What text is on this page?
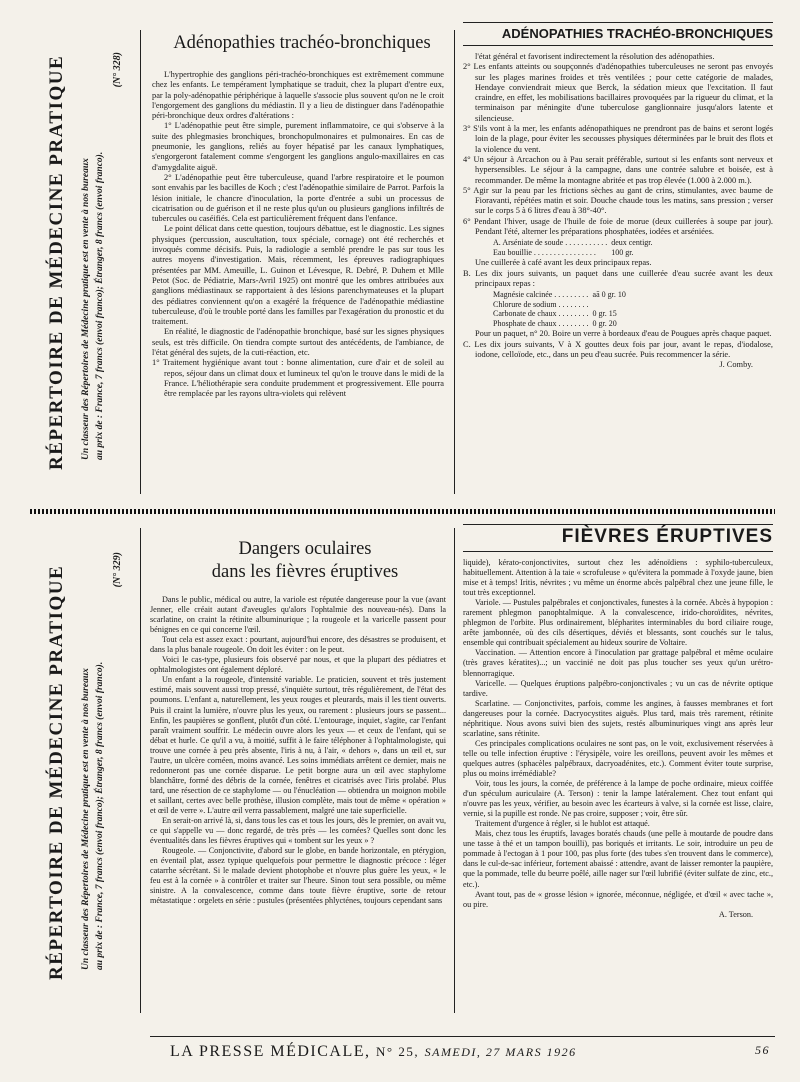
RÉPERTOIRE DE MÉDECINE PRATIQUE Un classeur des Répertoires de Médecine pratique est en vente à nos bureaux au prix de : France, 7 francs (envoi franco); Étranger, 8 francs (envoi franco).
(N° 328)
Adénopathies trachéo-bronchiques	ADÉNOPATHIES TRACHÉO-BRONCHIQUES

L'hypertrophie des ganglions péri-trachéo-bronchiques est extrêmement commune chez les enfants. Le tempérament lymphatique se traduit, chez la plupart d'entre eux, par la poly-adénopathie périphérique à laquelle s'associe plus souvent qu'on ne le croit l'engorgement des ganglions du médiastin. Il y a lieu de distinguer dans l'adénopathie péri-bronchique deux ordres d'altérations :

1° L'adénopathie peut être simple, purement inflammatoire, ce qui s'observe à la suite des phlegmasies bronchiques, bronchopulmonaires et pulmonaires. En cas de pneumonie, les ganglions, reliés au foyer hépatisé par les canaux lymphatiques, s'engorgeront fatalement comme s'engorgent les ganglions angulo-maxillaires en cas d'amygdalite aiguë.

2° L'adénopathie peut être tuberculeuse, quand l'arbre respiratoire et le poumon sont envahis par les bacilles de Koch ; c'est l'adénopathie similaire de Parrot. Parfois la lésion initiale, le chancre d'inoculation, la porte d'entrée a subi un processus de cicatrisation ou de guérison et il ne reste plus qu'un ou plusieurs ganglions infiltrés de tubercules ou caséifiés. Cela est particulièrement fréquent dans l'enfance.

Le point délicat dans cette question, toujours débattue, est le diagnostic. Les signes physiques (percussion, auscultation, toux spéciale, cornage) ont été recherchés et invoqués comme décisifs. Puis, la radiologie a semblé prendre le pas sur tous les autres moyens d'investigation. Mais, récemment, les épreuves radiographiques présentées par MM. Ameuille, L. Guinon et Lévesque, R. Debré, P. Duhem et Mlle Petot (Soc. de Pédiatrie, Mars-Avril 1925) ont montré que les ombres attribuées aux ganglions médiastinaux se rapportaient à des lésions parenchymateuses et la plupart des pédiatres conviennent qu'on a exagéré la fréquence de l'adénopathie médiastine tuberculeuse, d'où le trouble porté dans les familles par l'exagération du pronostic et du traitement.

En réalité, le diagnostic de l'adénopathie bronchique, basé sur les signes physiques seuls, est très difficile. On tiendra compte surtout des antécédents, de l'ambiance, de l'état général des sujets, de la cuti-réaction, etc.

1° Traitement hygiénique avant tout : bonne alimentation, cure d'air et de soleil au repos, séjour dans un climat doux et lumineux tel qu'on le trouve dans le midi de la France. L'héliothérapie sera conduite prudemment et progressivement. Elle pourra être remplacée par les rayons ultra-violets qui relèvent

l'état général et favorisent indirectement la résolution des adénopathies.

2° Les enfants atteints ou soupçonnés d'adénopathies tuberculeuses ne seront pas envoyés sur les plages marines froides et très ventilées ; pour cette catégorie de malades, Hendaye conviendrait mieux que Berck, la sédation mieux que l'excitation. Il faut craindre, en effet, les mobilisations bacillaires provoquées par la rigueur du climat, et la terminaison par méningite d'une tuberculose ganglionnaire jusqu'alors latente et silencieuse.

3° S'ils vont à la mer, les enfants adénopathiques ne prendront pas de bains et seront logés loin de la plage, pour éviter les secousses physiques déterminées par le bruit des flots et la violence du vent.

4° Un séjour à Arcachon ou à Pau serait préférable, surtout si les enfants sont nerveux et hypersensibles. Le séjour à la campagne, dans une contrée salubre et boisée, est à recommander. De même la montagne abritée et pas trop élevée (1.000 à 2.000 m.).

5° Agir sur la peau par les frictions sèches au gant de crins, stimulantes, avec baume de Fioravanti, répétées matin et soir. Douche chaude tous les matins, sans pression ; verser sur le corps 5 à 6 litres d'eau à 38°-40°.

6° Pendant l'hiver, usage de l'huile de foie de morue (deux cuillerées à soupe par jour). Pendant l'été, alterner les préparations phosphatées, iodées et arséniées.

A. Arséniate de soude . . . . . . . . . . .	deux centigr.
Eau bouillie . . . . . . . . . . . . . . . .	100 gr.

Une cuillerée à café avant les deux principaux repas.

B. Les dix jours suivants, un paquet dans une cuillerée d'eau sucrée avant les deux principaux repas :

Magnésie calcinée . . . . . . . . .	aā 0 gr. 10
Chlorure de sodium . . . . . . . .	
Carbonate de chaux . . . . . . . .	0 gr. 15
Phosphate de chaux . . . . . . . .	0 gr. 20

Pour un paquet, n° 20. Boire un verre à bordeaux d'eau de Pougues après chaque paquet.

C. Les dix jours suivants, V à X gouttes deux fois par jour, avant le repas, d'iodalose, iodone, celloïode, etc., dans un peu d'eau sucrée. Puis recommencer la série.

J. Comby.

RÉPERTOIRE DE MÉDECINE PRATIQUE Un classeur des Répertoires de Médecine pratique est en vente à nos bureaux au prix de : France, 7 francs (envoi franco); Étranger, 8 francs (envoi franco).
(N° 329)
Dangers oculaires
dans les fièvres éruptives
FIÈVRES ÉRUPTIVES

Dans le public, médical ou autre, la variole est réputée dangereuse pour la vue (avant Jenner, elle créait autant d'aveugles qu'alors l'ophtalmie des nouveau-nés). Dans la scarlatine, on craint la rétinite albuminurique ; la rougeole et la varicelle passent pour bénignes en ce qui concerne l'œil.

Tout cela est assez exact : pourtant, aujourd'hui encore, des désastres se produisent, et dans la plus banale rougeole. On doit les éviter : on le peut.

Voici le cas-type, plusieurs fois observé par nous, et que la plupart des pédiatres et ophtalmologistes ont également déploré.

Un enfant a la rougeole, d'intensité variable. Le praticien, souvent et très justement estimé, mais souvent aussi trop pressé, s'inquiète surtout, très régulièrement, de l'état des poumons. L'enfant a, naturellement, les yeux rouges et pleurards, mais il les tient ouverts. Puis il craint la lumière, n'ouvre plus les yeux, ou rarement : plusieurs jours se passent... Enfin, les paupières se gonflent, plutôt d'un côté. L'entourage, inquiet, s'agite, car l'enfant paraît vraiment souffrir. Le médecin ouvre alors les yeux — et ceux de l'enfant, qui se débat et hurle. Ce qu'il a vu, à moitié, suffit à le faire téléphoner à l'ophtalmologiste, qui trouve une cornée à peu près absente, l'iris à nu, à l'air, « dehors », dans un œil et, sur l'autre, un ulcère cornéen, moins avancé. Les soins immédiats arrêtent ce dernier, mais ne redonneront pas une cornée disparue. Le petit borgne aura un œil avec staphylome blanchâtre, formé des débris de la cornée, fenêtres et cicatrisés avec l'iris prolabé. Plus tard, une résection de ce staphylome — ou l'énucléation — obtiendra un moignon mobile et saillant, certes avec belle prothèse, illusion complète, mais tout de même « opération » et œil de verre ». L'autre œil verra passablement, malgré une taie superficielle.

En serait-on arrivé là, si, dans tous les cas et tous les jours, dès le premier, on avait vu, ce qui s'appelle vu — donc regardé, de très près — les cornées? Quelles sont donc les éventualités dans les fièvres éruptives qui « tombent sur les yeux » ?

Rougeole. — Conjonctivite, d'abord sur le globe, en bande horizontale, en ptérygion, en éventail plat, assez typique quelquefois pour permettre le diagnostic précoce : léger catarrhe sécrétant. Si le malade devient photophobe et n'ouvre plus guère les yeux, « le feu est à la cornée » à contrôler et traiter sur l'heure. Sinon tout sera possible, ou même sinistre. A la convalescence, comme dans toute fièvre éruptive, sorte de retour métastatique : orgelets en série : pustules (présentées phlycténes, toujours cependant sans

liquide), kérato-conjonctivites, surtout chez les adénoïdiens : syphilo-tuberculeux, habituellement. Attention à la taie « scrofuleuse » qu'évitera la pommade à l'oxyde jaune, bien mise et à temps! Iritis, névrites ; vu même un énorme abcès palpébral chez une jeune fille, le tout très exceptionnel.

Variole. — Pustules palpébrales et conjonctivales, funestes à la cornée. Abcès à hypopion : rarement phlegmon panophtalmique. A la convalescence, irido-choroïdites, névrites, phlegmon de l'orbite. Plus ordinairement, blépharites interminables du bord ciliaire rouge, arête jambonnée, où des cils désertiques, déviés et blessants, sont couchés sur le talus, ensemble qui contribuait spécialement au hideux sourire de Voltaire.

Vaccination. — Attention encore à l'inoculation par grattage palpébral et même oculaire (très graves kératites)...; un vaccinié ne doit pas plus toucher ses yeux qu'un urétro-blennorragique.

Varicelle. — Quelques éruptions palpébro-conjonctivales ; vu un cas de névrite optique tardive.

Scarlatine. — Conjonctivites, parfois, comme les angines, à fausses membranes et fort dangereuses pour la cornée. Dacryocystites aiguës. Plus tard, mais très rarement, rétinite néphritique. Nous avons suivi bien des sujets, restés albuminuriques vingt ans après leur scarlatine, sans rétinite.

Ces principales complications oculaires ne sont pas, on le voit, exclusivement réservées à telle ou telle infection éruptive : l'érysipèle, voire les oreillons, peuvent avoir les mêmes et quelques autres (sphacèles palpébraux, dacryoadénites, etc.). Comment éviter toute surprise, plus ou moins irrémédiable?

Voir, tous les jours, la cornée, de préférence à la lampe de poche ordinaire, mieux coiffée d'un spéculum auriculaire (A. Terson) : tenir la lampe latéralement. Chez tout enfant qui n'ouvre pas les yeux, vérifier, au besoin avec les écarteurs à valve, si la cornée est lisse, claire, vernie, si la pupille est ronde. Ne pas croire, supposer ; voir, être sûr.

Traitement d'urgence à régler, si le hublot est attaqué.

Mais, chez tous les éruptifs, lavages boratés chauds (une pelle à moutarde de poudre dans une tasse à thé et un tampon bouilli), pas boriqués et irritants. Le soir, introduire un peu de pommade à l'ectogan à 1 pour 100, pas plus forte (des tubes s'en trouvent dans le commerce), dans le cul-de-sac inférieur, fortement abaissé : attendre, avant de laisser remonter la paupière, que la pommade, telle du beurre poêlé, aille nager sur l'œil lubrifié (éviter sulfate de zinc, etc., etc.).

Avant tout, pas de « grosse lésion » ignorée, méconnue, négligée, et d'œil « avec tache », ou pire.

A. Terson.

LA PRESSE MÉDICALE, N° 25, SAMEDI, 27 MARS 1926	56
